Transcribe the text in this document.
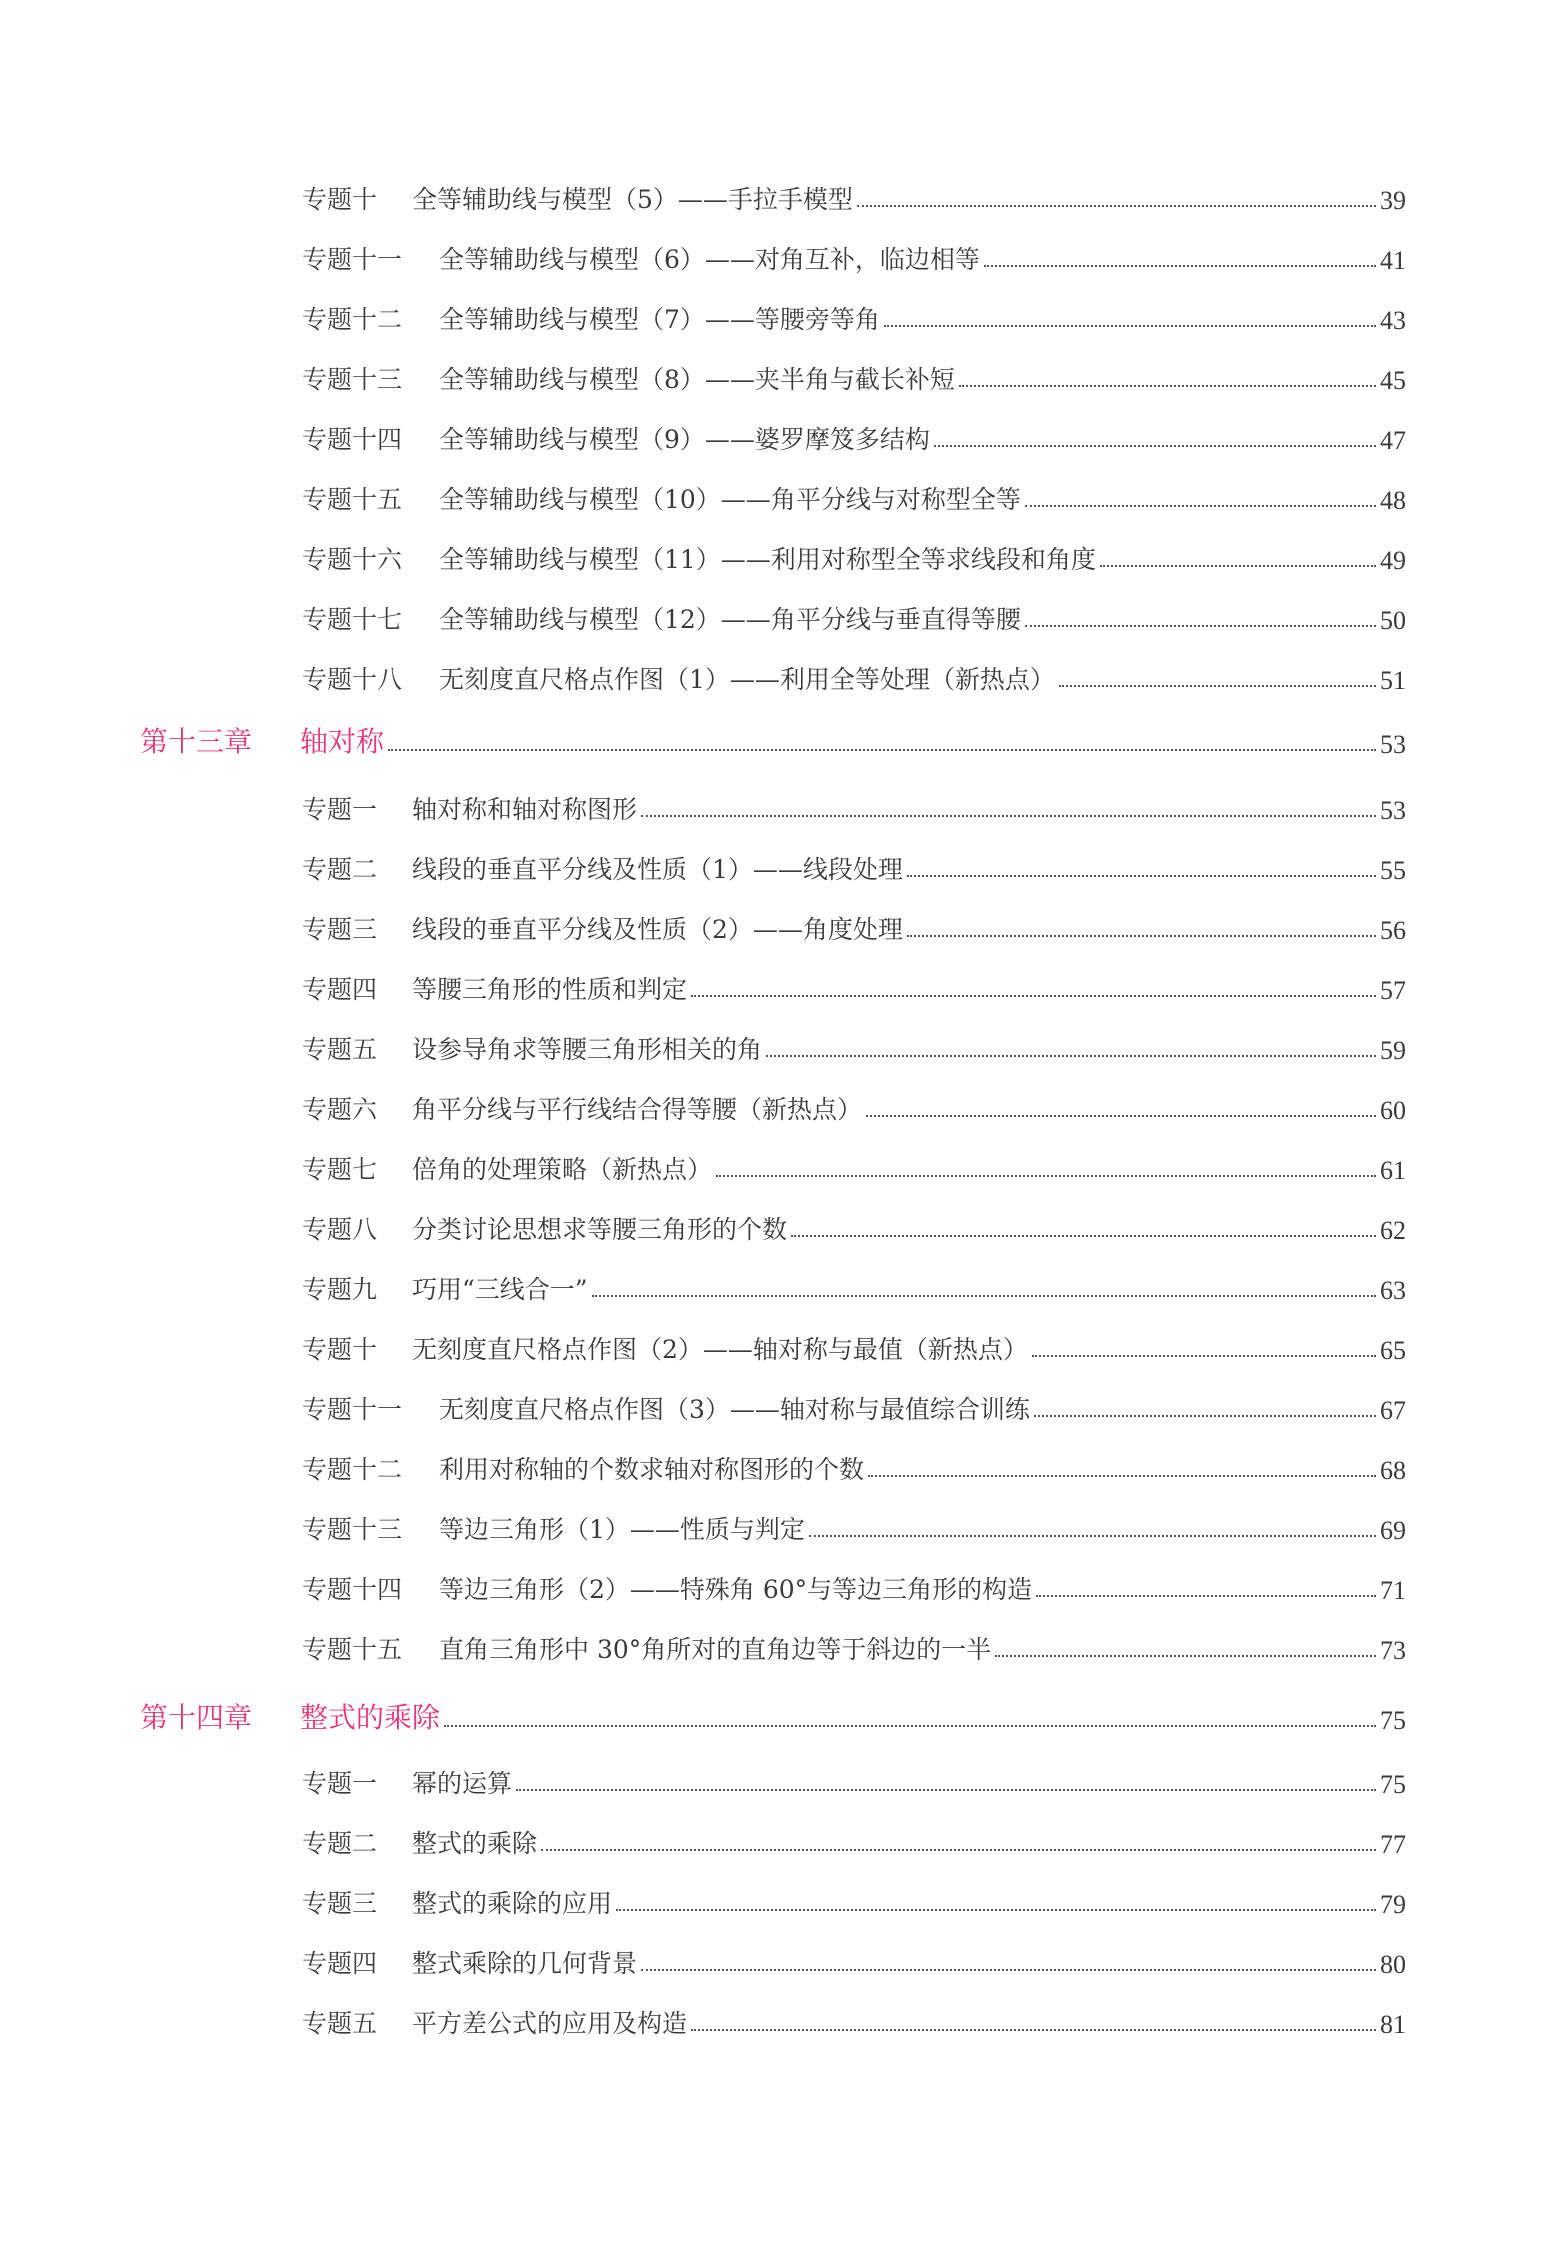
专题十	全等辅助线与模型（5）——手拉手模型	39
专题十一	全等辅助线与模型（6）——对角互补，临边相等	41
专题十二	全等辅助线与模型（7）——等腰旁等角	43
专题十三	全等辅助线与模型（8）——夹半角与截长补短	45
专题十四	全等辅助线与模型（9）——婆罗摩笈多结构	47
专题十五	全等辅助线与模型（10）——角平分线与对称型全等	48
专题十六	全等辅助线与模型（11）——利用对称型全等求线段和角度	49
专题十七	全等辅助线与模型（12）——角平分线与垂直得等腰	50
专题十八	无刻度直尺格点作图（1）——利用全等处理（新热点）	51
第十三章	轴对称	53
专题一	轴对称和轴对称图形	53
专题二	线段的垂直平分线及性质（1）——线段处理	55
专题三	线段的垂直平分线及性质（2）——角度处理	56
专题四	等腰三角形的性质和判定	57
专题五	设参导角求等腰三角形相关的角	59
专题六	角平分线与平行线结合得等腰（新热点）	60
专题七	倍角的处理策略（新热点）	61
专题八	分类讨论思想求等腰三角形的个数	62
专题九	巧用“三线合一”	63
专题十	无刻度直尺格点作图（2）——轴对称与最值（新热点）	65
专题十一	无刻度直尺格点作图（3）——轴对称与最值综合训练	67
专题十二	利用对称轴的个数求轴对称图形的个数	68
专题十三	等边三角形（1）——性质与判定	69
专题十四	等边三角形（2）——特殊角 60°与等边三角形的构造	71
专题十五	直角三角形中 30°角所对的直角边等于斜边的一半	73
第十四章	整式的乘除	75
专题一	幂的运算	75
专题二	整式的乘除	77
专题三	整式的乘除的应用	79
专题四	整式乘除的几何背景	80
专题五	平方差公式的应用及构造	81
